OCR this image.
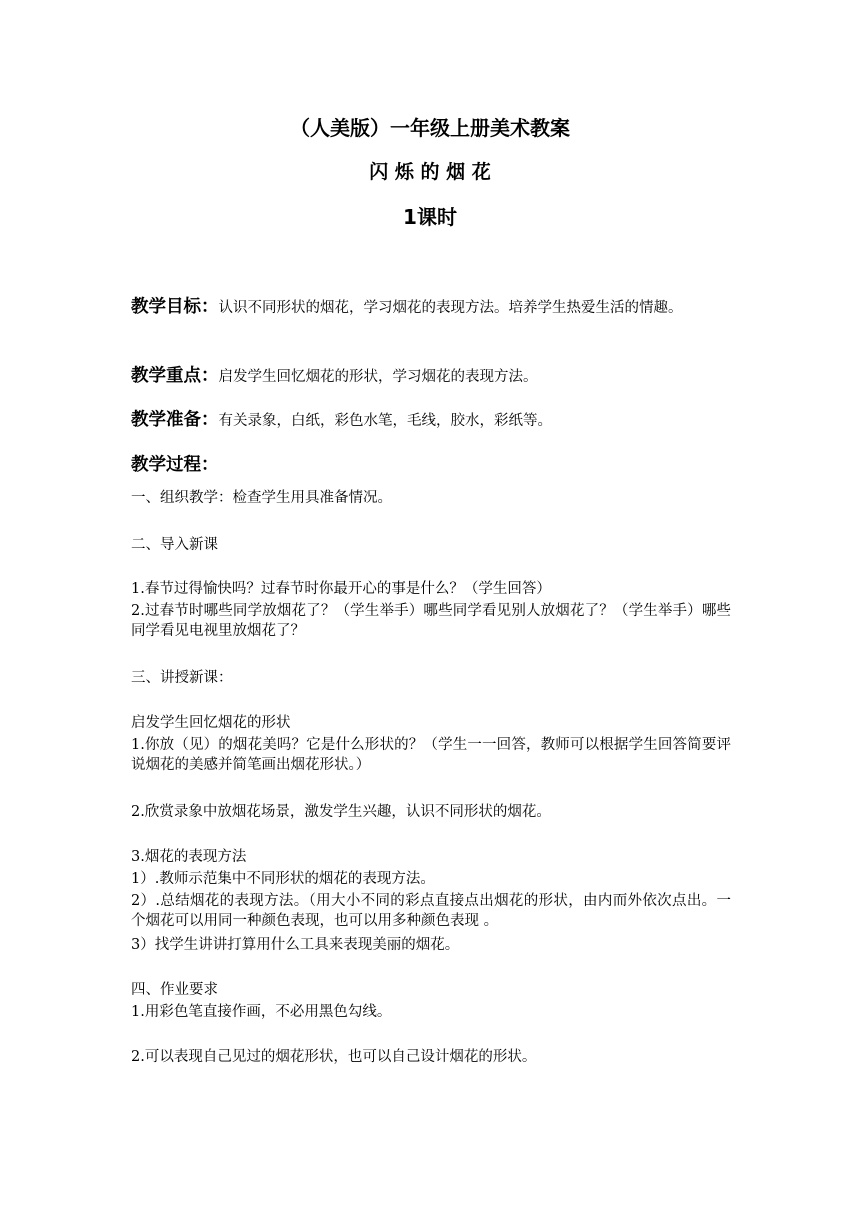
（人美版）一年级上册美术教案
闪 烁 的 烟 花
1课时
教学目标：认识不同形状的烟花，学习烟花的表现方法。培养学生热爱生活的情趣。
教学重点：启发学生回忆烟花的形状，学习烟花的表现方法。
教学准备：有关录象，白纸，彩色水笔，毛线，胶水，彩纸等。
教学过程：
一、组织教学：检查学生用具准备情况。
二、导入新课
1.春节过得愉快吗？过春节时你最开心的事是什么？（学生回答）
2.过春节时哪些同学放烟花了？（学生举手）哪些同学看见别人放烟花了？（学生举手）哪些同学看见电视里放烟花了？
三、讲授新课：
启发学生回忆烟花的形状
1.你放（见）的烟花美吗？它是什么形状的？（学生一一回答，教师可以根据学生回答简要评说烟花的美感并简笔画出烟花形状。）
2.欣赏录象中放烟花场景，激发学生兴趣，认识不同形状的烟花。
3.烟花的表现方法
1）.教师示范集中不同形状的烟花的表现方法。
2）.总结烟花的表现方法。（用大小不同的彩点直接点出烟花的形状，由内而外依次点出。一个烟花可以用同一种颜色表现，也可以用多种颜色表现 。
3）找学生讲讲打算用什么工具来表现美丽的烟花。
四、作业要求
1.用彩色笔直接作画，不必用黑色勾线。
2.可以表现自己见过的烟花形状，也可以自己设计烟花的形状。
